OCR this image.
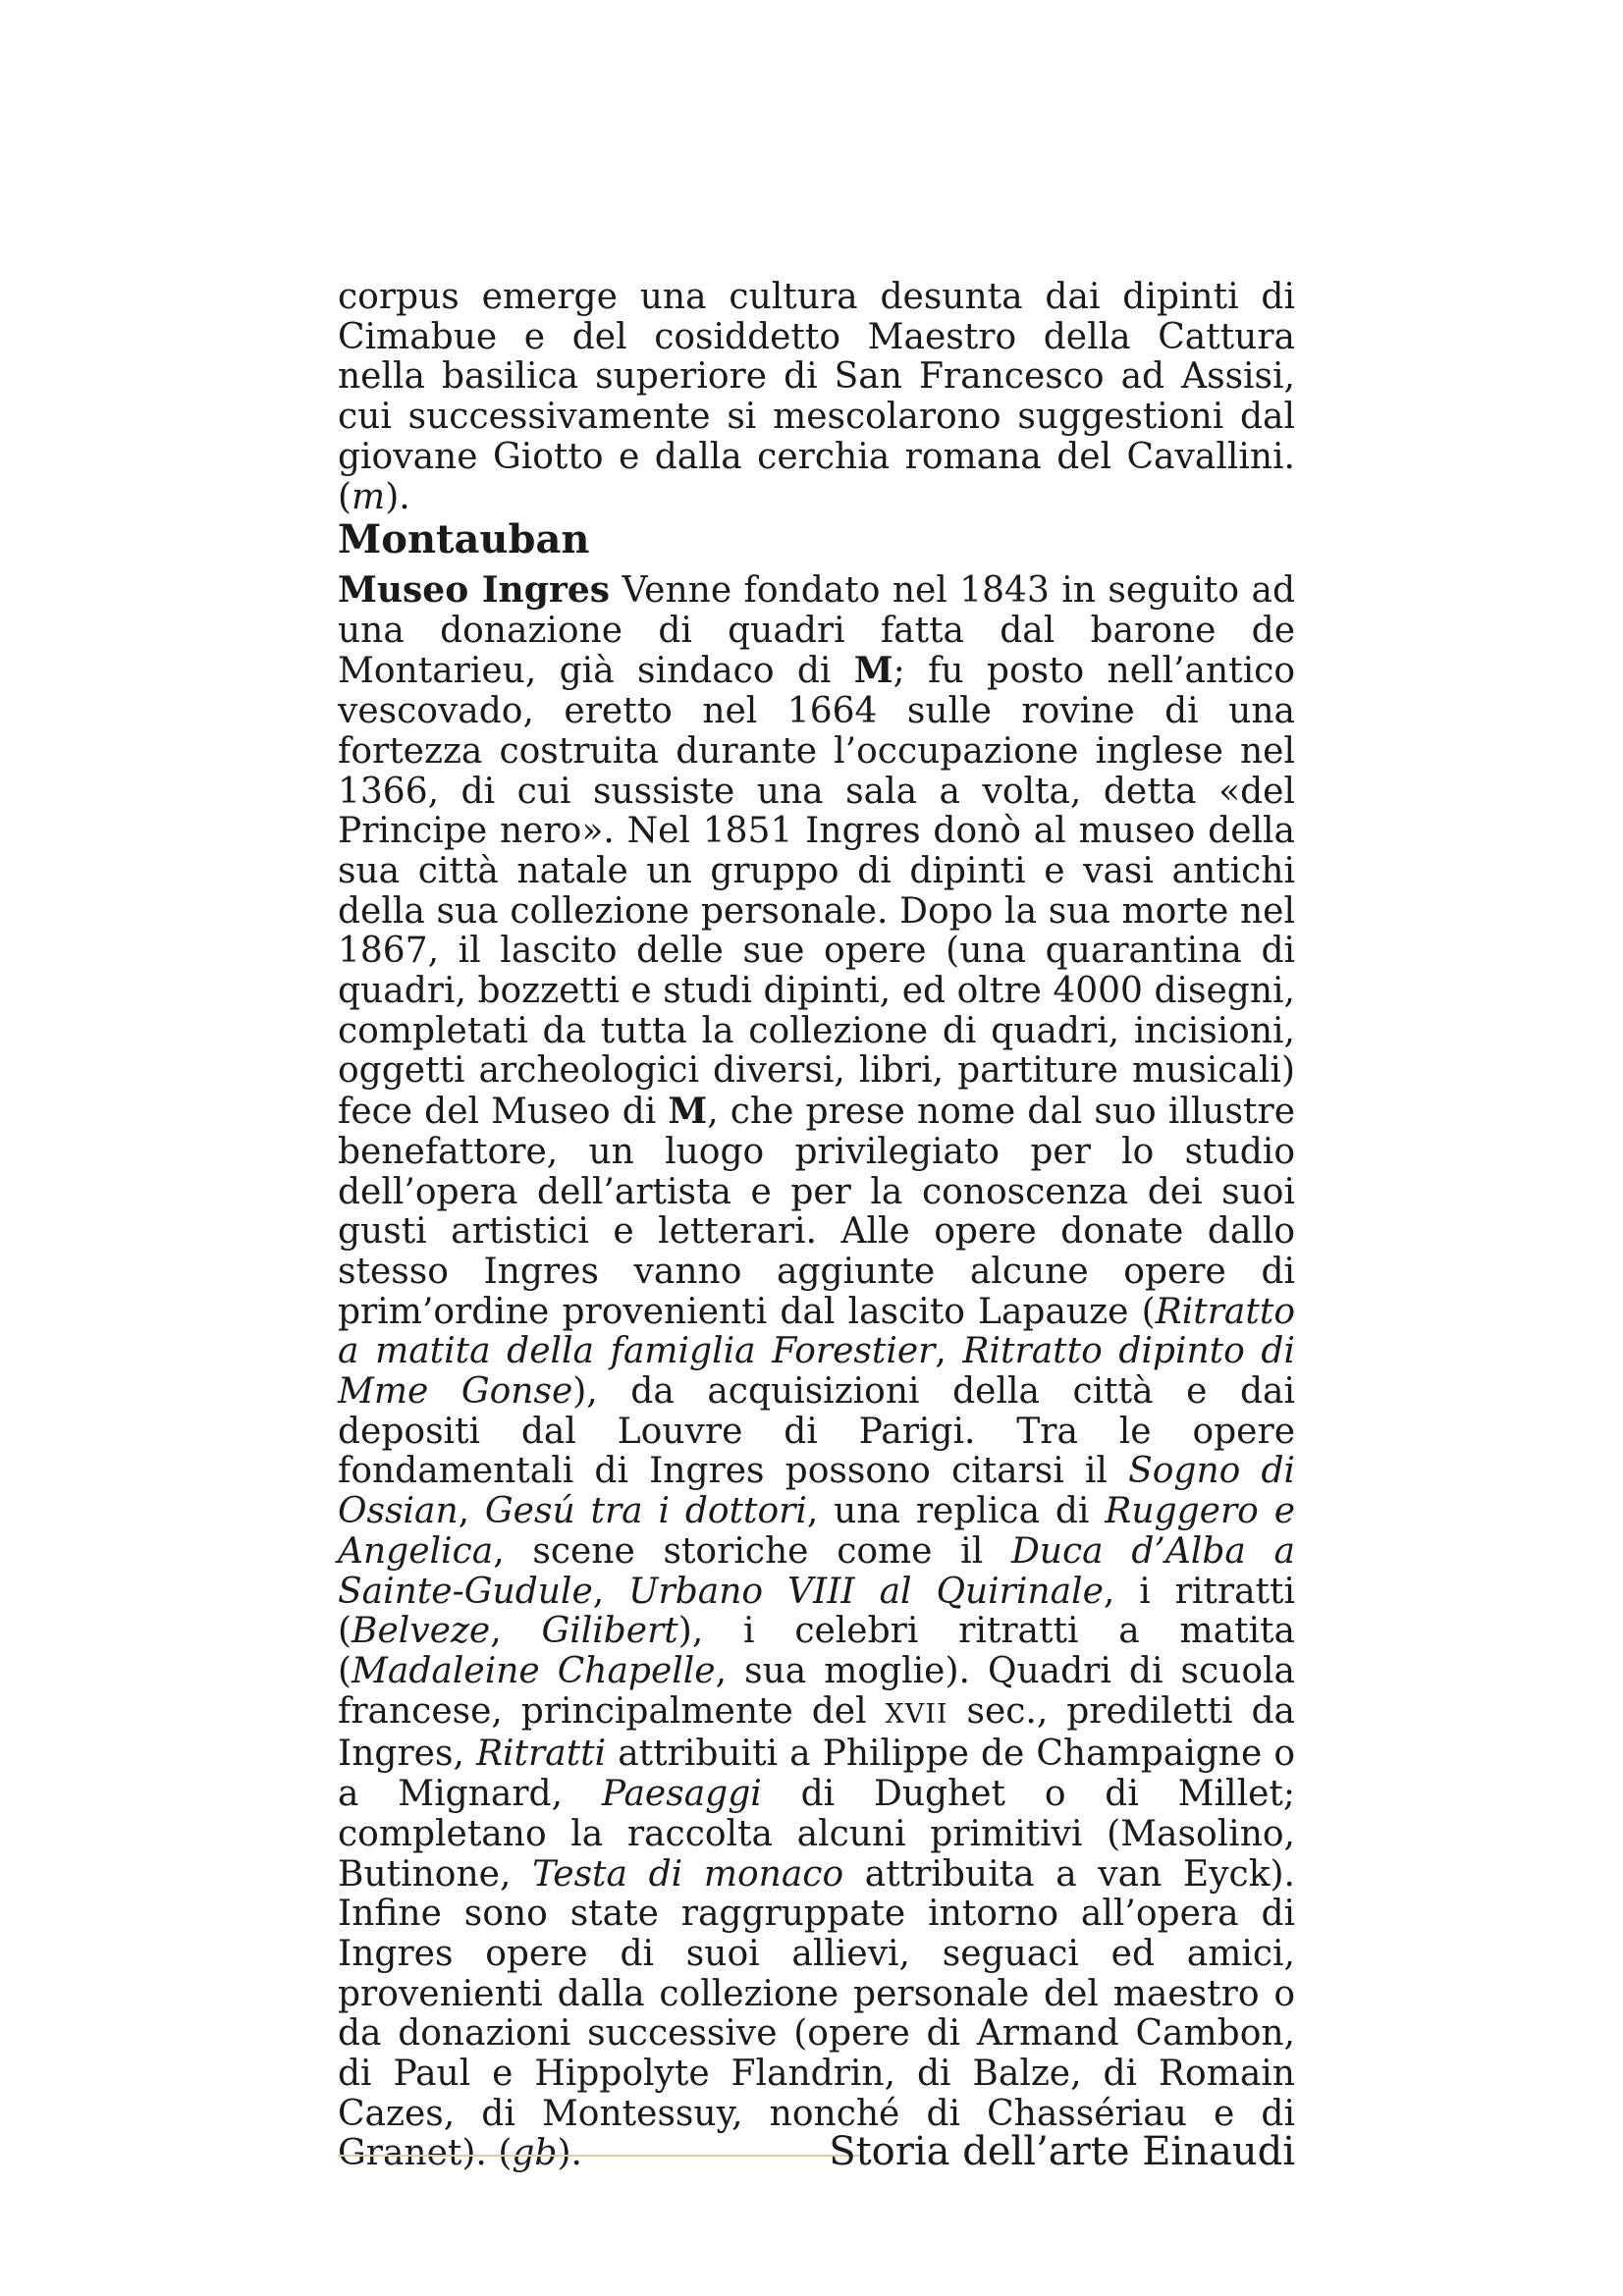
corpus emerge una cultura desunta dai dipinti di Cimabue e del cosiddetto Maestro della Cattura nella basilica superiore di San Francesco ad Assisi, cui successivamente si mescolarono suggestioni dal giovane Giotto e dalla cerchia romana del Cavallini. (m).

Montauban

Museo Ingres Venne fondato nel 1843 in seguito ad una donazione di quadri fatta dal barone de Montarieu, già sindaco di M; fu posto nell’antico vescovado, eretto nel 1664 sulle rovine di una fortezza costruita durante l’occupazione inglese nel 1366, di cui sussiste una sala a volta, detta «del Principe nero». Nel 1851 Ingres donò al museo della sua città natale un gruppo di dipinti e vasi antichi della sua collezione personale. Dopo la sua morte nel 1867, il lascito delle sue opere (una quarantina di quadri, bozzetti e studi dipinti, ed oltre 4000 disegni, completati da tutta la collezione di quadri, incisioni, oggetti archeologici diversi, libri, partiture musicali) fece del Museo di M, che prese nome dal suo illustre benefattore, un luogo privilegiato per lo studio dell’opera dell’artista e per la conoscenza dei suoi gusti artistici e letterari. Alle opere donate dallo stesso Ingres vanno aggiunte alcune opere di prim’ordine provenienti dal lascito Lapauze (Ritratto a matita della famiglia Forestier, Ritratto dipinto di Mme Gonse), da acquisizioni della città e dai depositi dal Louvre di Parigi. Tra le opere fondamentali di Ingres possono citarsi il Sogno di Ossian, Gesú tra i dottori, una replica di Ruggero e Angelica, scene storiche come il Duca d’Alba a Sainte-Gudule, Urbano VIII al Quirinale, i ritratti (Belveze, Gilibert), i celebri ritratti a matita (Madaleine Chapelle, sua moglie). Quadri di scuola francese, principalmente del XVII sec., prediletti da Ingres, Ritratti attribuiti a Philippe de Champaigne o a Mignard, Paesaggi di Dughet o di Millet; completano la raccolta alcuni primitivi (Masolino, Butinone, Testa di monaco attribuita a van Eyck). Infine sono state raggruppate intorno all’opera di Ingres opere di suoi allievi, seguaci ed amici, provenienti dalla collezione personale del maestro o da donazioni successive (opere di Armand Cambon, di Paul e Hippolyte Flandrin, di Balze, di Romain Cazes, di Montessuy, nonché di Chassériau e di Granet). (gb).	Storia dell’arte Einaudi
